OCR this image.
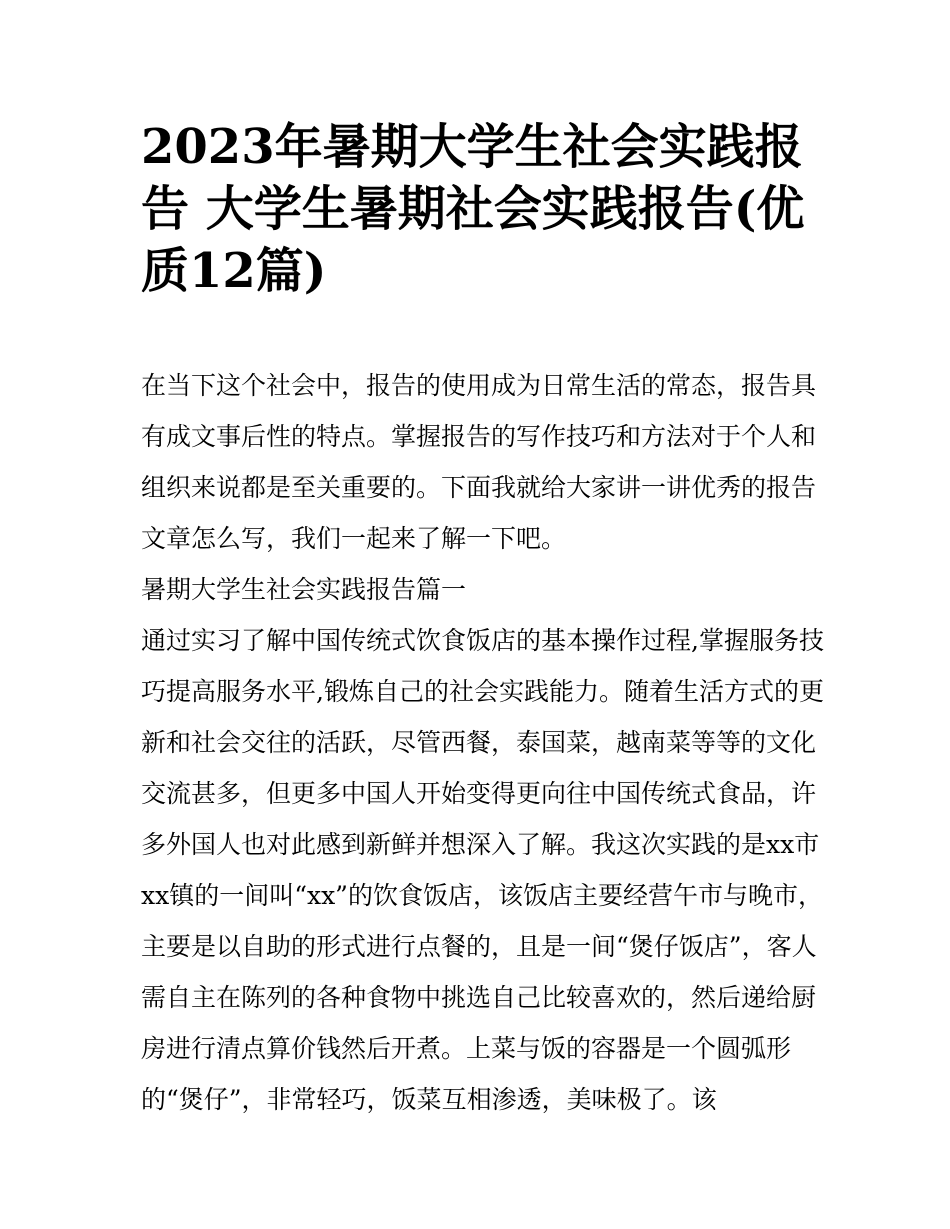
2023年暑期大学生社会实践报告 大学生暑期社会实践报告(优质12篇)

在当下这个社会中，报告的使用成为日常生活的常态，报告具有成文事后性的特点。掌握报告的写作技巧和方法对于个人和组织来说都是至关重要的。下面我就给大家讲一讲优秀的报告文章怎么写，我们一起来了解一下吧。

暑期大学生社会实践报告篇一

通过实习了解中国传统式饮食饭店的基本操作过程,掌握服务技巧提高服务水平,锻炼自己的社会实践能力。随着生活方式的更新和社会交往的活跃，尽管西餐，泰国菜，越南菜等等的文化交流甚多，但更多中国人开始变得更向往中国传统式食品，许多外国人也对此感到新鲜并想深入了解。我这次实践的是xx市xx镇的一间叫“xx”的饮食饭店，该饭店主要经营午市与晚市，主要是以自助的形式进行点餐的，且是一间“煲仔饭店”，客人需自主在陈列的各种食物中挑选自己比较喜欢的，然后递给厨房进行清点算价钱然后开煮。上菜与饭的容器是一个圆弧形的“煲仔”，非常轻巧，饭菜互相渗透，美味极了。该
